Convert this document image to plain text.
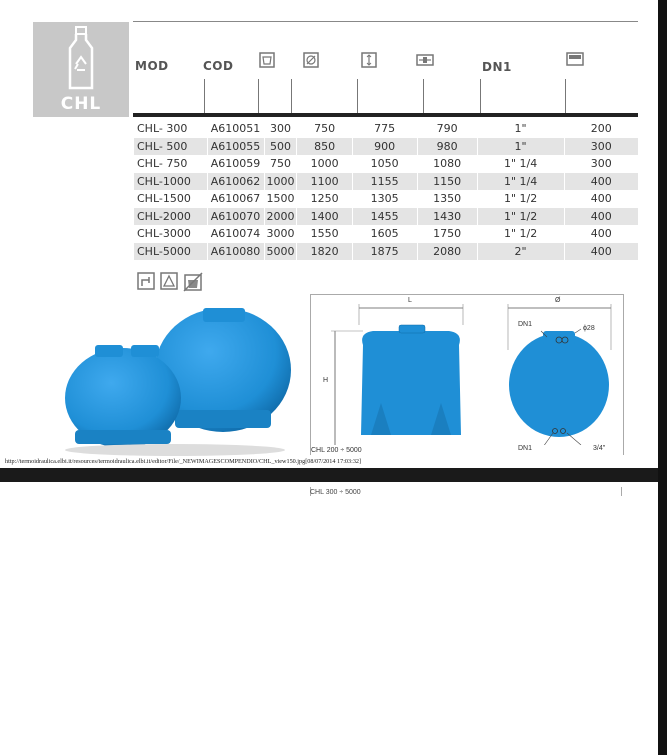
CHL
MOD	COD	DN1
CHL- 300	A610051	300	750	775	790	1"	200
CHL- 500	A610055	500	850	900	980	1"	300
CHL- 750	A610059	750	1000	1050	1080	1" 1/4	300
CHL-1000	A610062	1000	1100	1155	1150	1" 1/4	400
CHL-1500	A610067	1500	1250	1305	1350	1" 1/2	400
CHL-2000	A610070	2000	1400	1455	1430	1" 1/2	400
CHL-3000	A610074	3000	1550	1605	1750	1" 1/2	400
CHL-5000	A610080	5000	1820	1875	2080	2"	400
L
H
Ø
DN1
ϕ28
DN1	3/4"
CHL 200 ÷ 5000
http://termoidraulica.elbi.it/resources/termoidraulica.elbi.it/editor/File/_NEWIMAGESCOMPENDIO/CHL_view150.jpg[08/07/2014 17:03:32]
CHL 300 ÷ 5000
